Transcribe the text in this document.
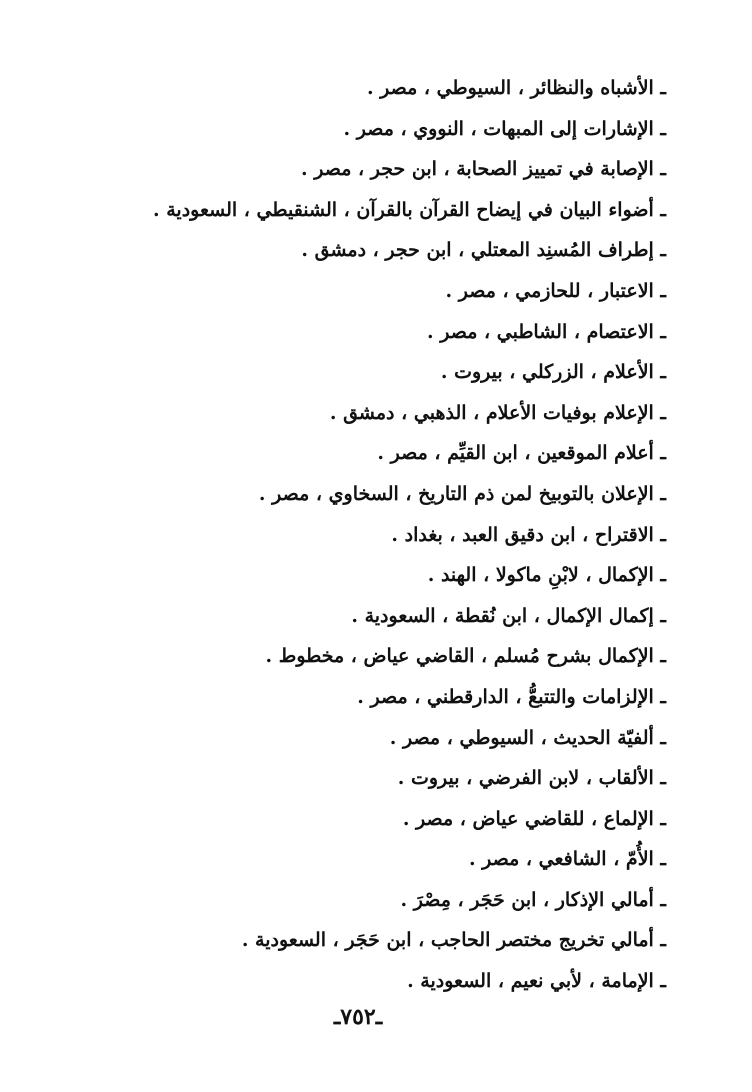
ـ الأشباه والنظائر ، السيوطي ، مصر .
ـ الإشارات إلى المبهات ، النووي ، مصر .
ـ الإصابة في تمييز الصحابة ، ابن حجر ، مصر .
ـ أضواء البيان في إيضاح القرآن بالقرآن ، الشنقيطي ، السعودية .
ـ إطراف المُسنِد المعتلي ، ابن حجر ، دمشق .
ـ الاعتبار ، للحازمي ، مصر .
ـ الاعتصام ، الشاطبي ، مصر .
ـ الأعلام ، الزركلي ، بيروت .
ـ الإعلام بوفيات الأعلام ، الذهبي ، دمشق .
ـ أعلام الموقعين ، ابن القيِّم ، مصر .
ـ الإعلان بالتوبيخ لمن ذم التاريخ ، السخاوي ، مصر .
ـ الاقتراح ، ابن دقيق العبد ، بغداد .
ـ الإكمال ، لابْنِ ماكولا ، الهند .
ـ إكمال الإكمال ، ابن نُقطة ، السعودية .
ـ الإكمال بشرح مُسلم ، القاضي عياض ، مخطوط .
ـ الإلزامات والتتبعُّ ، الدارقطني ، مصر .
ـ ألفيّة الحديث ، السيوطي ، مصر .
ـ الألقاب ، لابن الفرضي ، بيروت .
ـ الإلماع ، للقاضي عياض ، مصر .
ـ الأُمّ ، الشافعي ، مصر .
ـ أمالي الإذكار ، ابن حَجَر ، مِصْرَ .
ـ أمالي تخريج مختصر الحاجب ، ابن حَجَر ، السعودية .
ـ الإمامة ، لأبي نعيم ، السعودية .
ـ٧٥٢ـ
